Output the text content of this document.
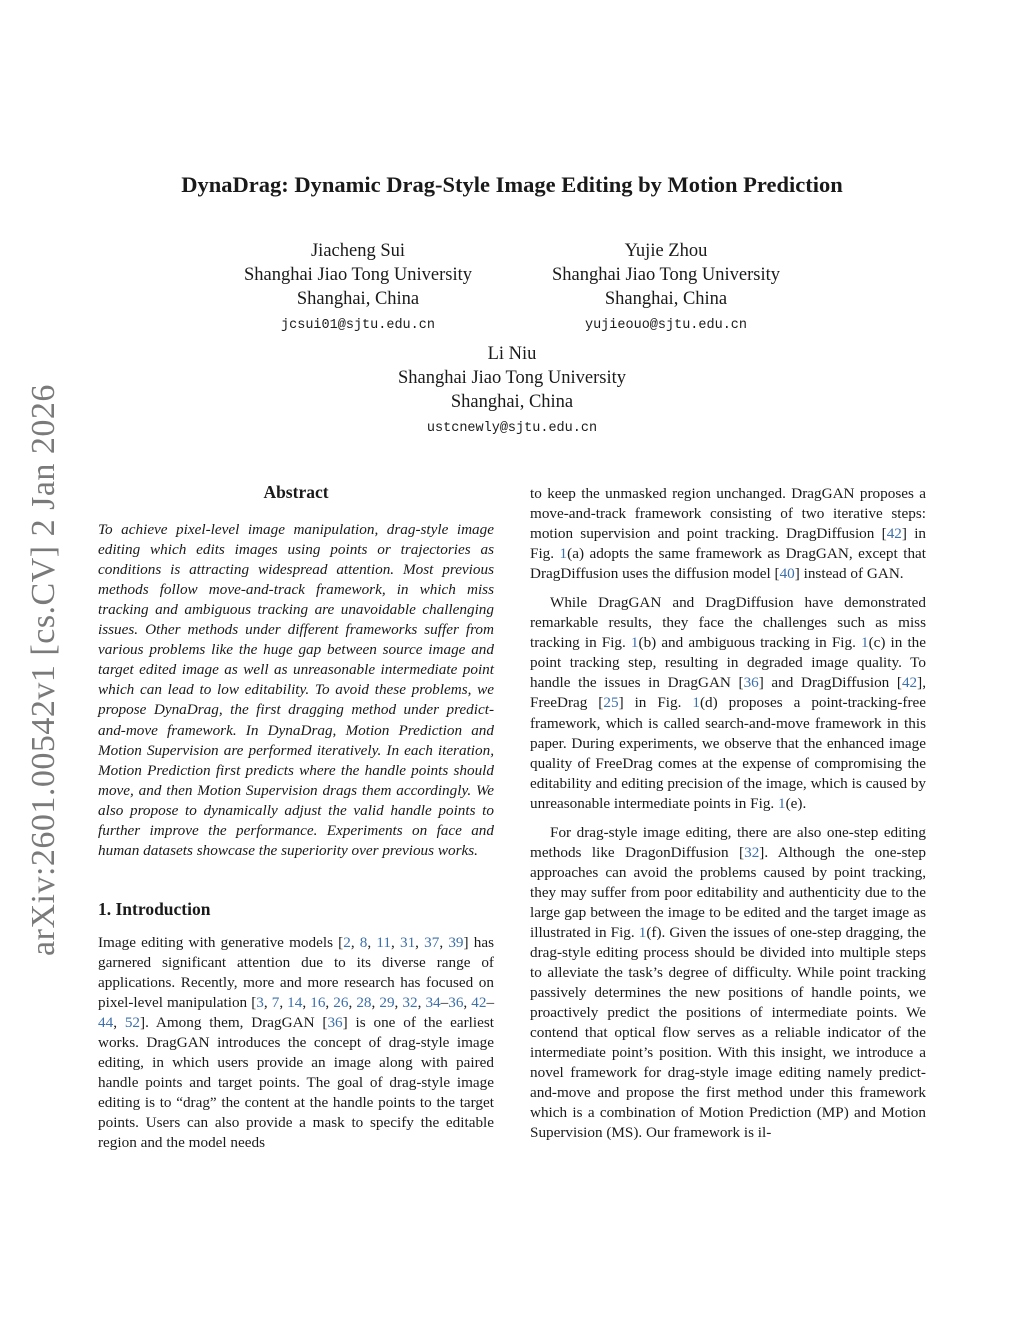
arXiv:2601.00542v1 [cs.CV] 2 Jan 2026
DynaDrag: Dynamic Drag-Style Image Editing by Motion Prediction
Jiacheng Sui
Shanghai Jiao Tong University
Shanghai, China
jcsui01@sjtu.edu.cn
Yujie Zhou
Shanghai Jiao Tong University
Shanghai, China
yujieouo@sjtu.edu.cn
Li Niu
Shanghai Jiao Tong University
Shanghai, China
ustcnewly@sjtu.edu.cn
Abstract

To achieve pixel-level image manipulation, drag-style image editing which edits images using points or trajectories as conditions is attracting widespread attention. Most previous methods follow move-and-track framework, in which miss tracking and ambiguous tracking are unavoidable challenging issues. Other methods under different frameworks suffer from various problems like the huge gap between source image and target edited image as well as unreasonable intermediate point which can lead to low editability. To avoid these problems, we propose DynaDrag, the first dragging method under predict-and-move framework. In DynaDrag, Motion Prediction and Motion Supervision are performed iteratively. In each iteration, Motion Prediction first predicts where the handle points should move, and then Motion Supervision drags them accordingly. We also propose to dynamically adjust the valid handle points to further improve the performance. Experiments on face and human datasets showcase the superiority over previous works.

1. Introduction

Image editing with generative models [2, 8, 11, 31, 37, 39] has garnered significant attention due to its diverse range of applications. Recently, more and more research has focused on pixel-level manipulation [3, 7, 14, 16, 26, 28, 29, 32, 34–36, 42–44, 52]. Among them, DragGAN [36] is one of the earliest works. DragGAN introduces the concept of drag-style image editing, in which users provide an image along with paired handle points and target points. The goal of drag-style image editing is to “drag” the content at the handle points to the target points. Users can also provide a mask to specify the editable region and the model needs

to keep the unmasked region unchanged. DragGAN proposes a move-and-track framework consisting of two iterative steps: motion supervision and point tracking. DragDiffusion [42] in Fig. 1(a) adopts the same framework as DragGAN, except that DragDiffusion uses the diffusion model [40] instead of GAN.

While DragGAN and DragDiffusion have demonstrated remarkable results, they face the challenges such as miss tracking in Fig. 1(b) and ambiguous tracking in Fig. 1(c) in the point tracking step, resulting in degraded image quality. To handle the issues in DragGAN [36] and DragDiffusion [42], FreeDrag [25] in Fig. 1(d) proposes a point-tracking-free framework, which is called search-and-move framework in this paper. During experiments, we observe that the enhanced image quality of FreeDrag comes at the expense of compromising the editability and editing precision of the image, which is caused by unreasonable intermediate points in Fig. 1(e).

For drag-style image editing, there are also one-step editing methods like DragonDiffusion [32]. Although the one-step approaches can avoid the problems caused by point tracking, they may suffer from poor editability and authenticity due to the large gap between the image to be edited and the target image as illustrated in Fig. 1(f). Given the issues of one-step dragging, the drag-style editing process should be divided into multiple steps to alleviate the task’s degree of difficulty. While point tracking passively determines the new positions of handle points, we proactively predict the positions of intermediate points. We contend that optical flow serves as a reliable indicator of the intermediate point’s position. With this insight, we introduce a novel framework for drag-style image editing namely predict-and-move and propose the first method under this framework which is a combination of Motion Prediction (MP) and Motion Supervision (MS). Our framework is il-
